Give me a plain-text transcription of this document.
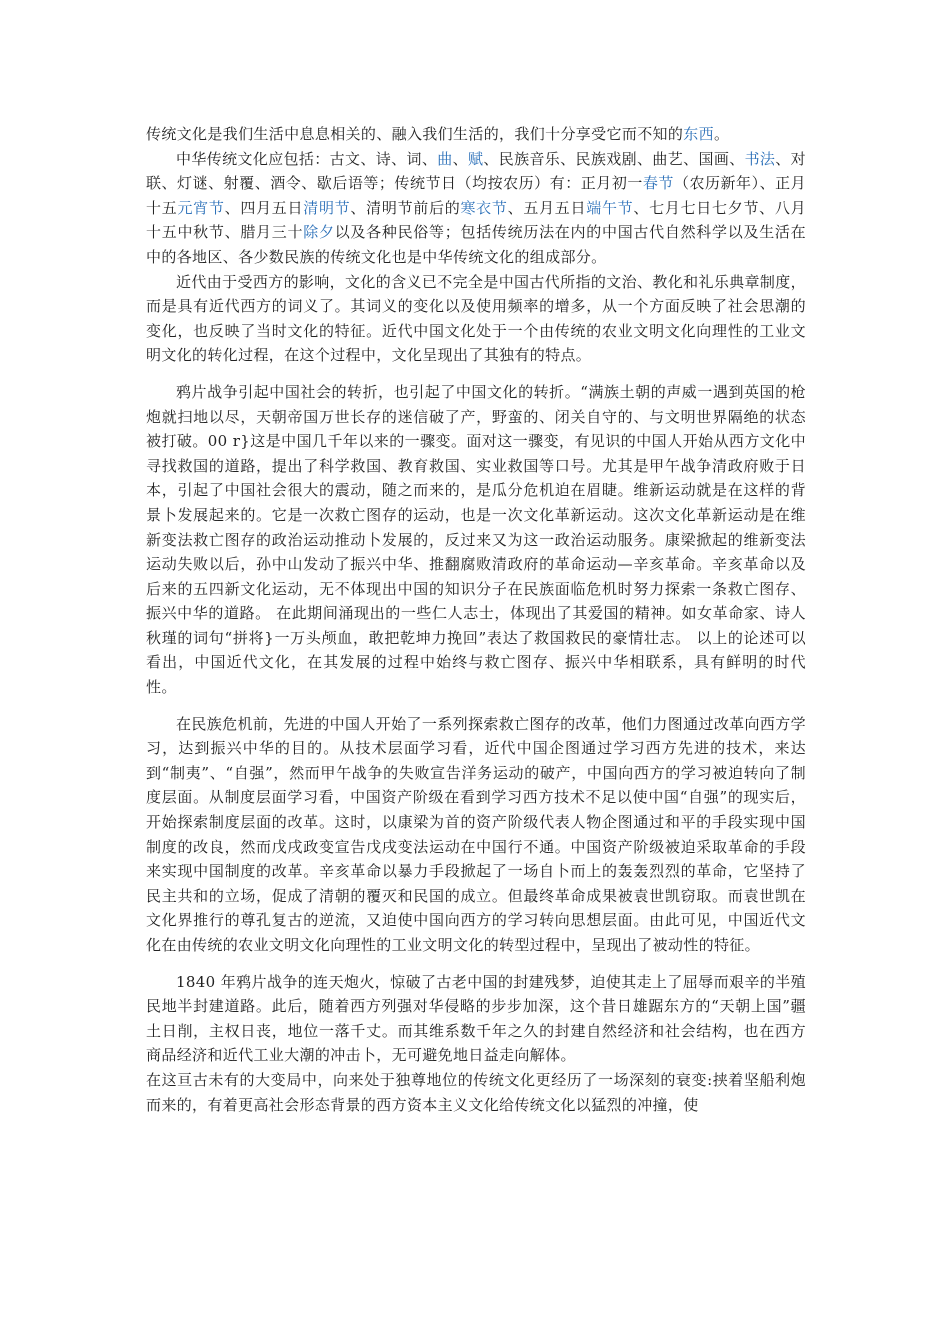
传统文化是我们生活中息息相关的、融入我们生活的，我们十分享受它而不知的东西。

中华传统文化应包括：古文、诗、词、曲、赋、民族音乐、民族戏剧、曲艺、国画、书法、对联、灯谜、射覆、酒令、歇后语等；传统节日（均按农历）有：正月初一春节（农历新年）、正月十五元宵节、四月五日清明节、清明节前后的寒衣节、五月五日端午节、七月七日七夕节、八月十五中秋节、腊月三十除夕以及各种民俗等；包括传统历法在内的中国古代自然科学以及生活在中的各地区、各少数民族的传统文化也是中华传统文化的组成部分。

近代由于受西方的影响，文化的含义已不完全是中国古代所指的文治、教化和礼乐典章制度，而是具有近代西方的词义了。其词义的变化以及使用频率的增多，从一个方面反映了社会思潮的变化，也反映了当时文化的特征。近代中国文化处于一个由传统的农业文明文化向理性的工业文明文化的转化过程，在这个过程中，文化呈现出了其独有的特点。

鸦片战争引起中国社会的转折，也引起了中国文化的转折。“满族土朝的声威一遇到英国的枪炮就扫地以尽，天朝帝国万世长存的迷信破了产，野蛮的、闭关自守的、与文明世界隔绝的状态被打破。00 r}这是中国几千年以来的一骤变。面对这一骤变，有见识的中国人开始从西方文化中寻找救国的道路，提出了科学救国、教育救国、实业救国等口号。尤其是甲午战争清政府败于日本，引起了中国社会很大的震动，随之而来的，是瓜分危机迫在眉睫。维新运动就是在这样的背景卜发展起来的。它是一次救亡图存的运动，也是一次文化革新运动。这次文化革新运动是在维新变法救亡图存的政治运动推动卜发展的，反过来又为这一政治运动服务。康梁掀起的维新变法运动失败以后，孙中山发动了振兴中华、推翻腐败清政府的革命运动—辛亥革命。辛亥革命以及后来的五四新文化运动，无不体现出中国的知识分子在民族面临危机时努力探索一条救亡图存、振兴中华的道路。 在此期间涌现出的一些仁人志士，体现出了其爱国的精神。如女革命家、诗人秋瑾的词句“拼将}一万头颅血，敢把乾坤力挽回”表达了救国救民的豪情壮志。 以上的论述可以看出，中国近代文化，在其发展的过程中始终与救亡图存、振兴中华相联系，具有鲜明的时代性。

在民族危机前，先进的中国人开始了一系列探索救亡图存的改革，他们力图通过改革向西方学习，达到振兴中华的目的。从技术层面学习看，近代中国企图通过学习西方先进的技术，来达到“制夷”、“自强”，然而甲午战争的失败宣告洋务运动的破产，中国向西方的学习被迫转向了制度层面。从制度层面学习看，中国资产阶级在看到学习西方技术不足以使中国“自强”的现实后，开始探索制度层面的改革。这时，以康梁为首的资产阶级代表人物企图通过和平的手段实现中国制度的改良，然而戊戌政变宣告戊戌变法运动在中国行不通。中国资产阶级被迫采取革命的手段来实现中国制度的改革。辛亥革命以暴力手段掀起了一场自卜而上的轰轰烈烈的革命，它坚持了民主共和的立场，促成了清朝的覆灭和民国的成立。但最终革命成果被袁世凯窃取。而袁世凯在文化界推行的尊孔复古的逆流，又迫使中国向西方的学习转向思想层面。由此可见，中国近代文化在由传统的农业文明文化向理性的工业文明文化的转型过程中，呈现出了被动性的特征。

1840 年鸦片战争的连天炮火，惊破了古老中国的封建残梦，迫使其走上了屈辱而艰辛的半殖民地半封建道路。此后，随着西方列强对华侵略的步步加深，这个昔日雄踞东方的“天朝上国”疆土日削，主权日丧，地位一落千丈。而其维系数千年之久的封建自然经济和社会结构，也在西方商品经济和近代工业大潮的冲击卜，无可避免地日益走向解体。

在这亘古未有的大变局中，向来处于独尊地位的传统文化更经历了一场深刻的衰变:挟着坚船利炮而来的，有着更高社会形态背景的西方资本主义文化给传统文化以猛烈的冲撞，使
